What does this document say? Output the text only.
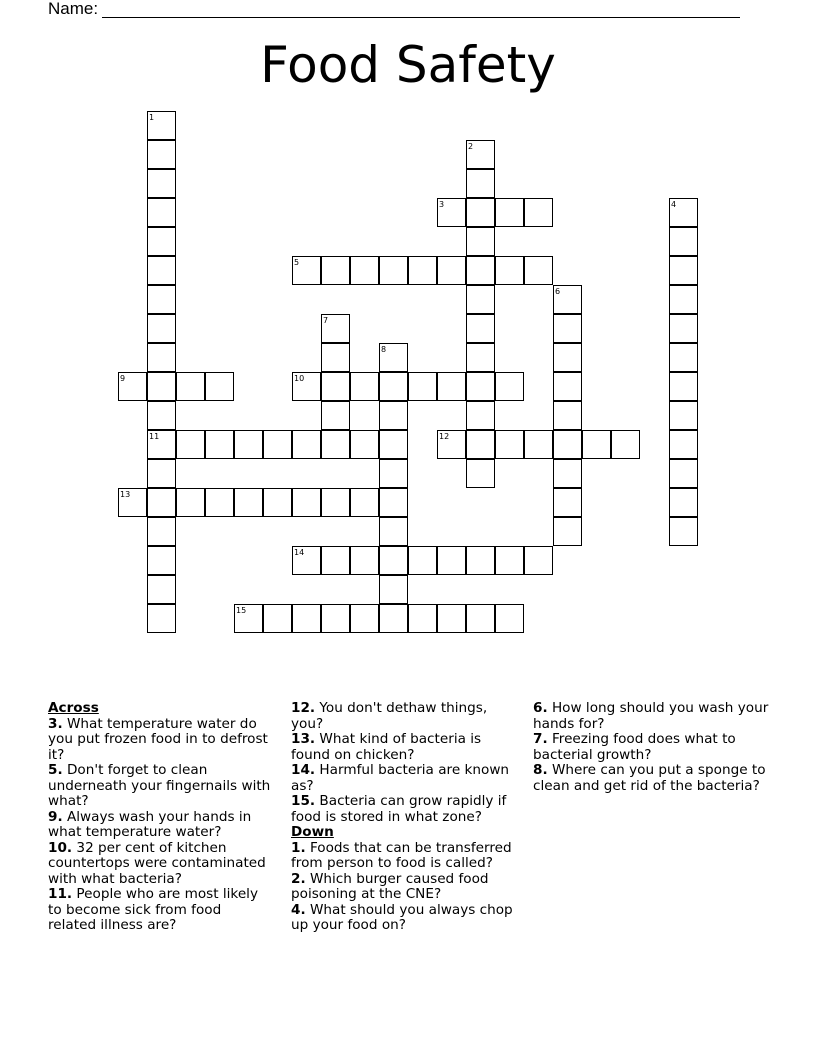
Name:
Food Safety
1
11
2
3	4
5
6
7
8
9	10
12
13
14
15
Across
3. What temperature water do you put frozen food in to defrost it?
5. Don't forget to clean underneath your fingernails with what?
9. Always wash your hands in what temperature water?
10. 32 per cent of kitchen countertops were contaminated with what bacteria?
11. People who are most likely to become sick from food related illness are?
12. You don't dethaw things, you?
13. What kind of bacteria is found on chicken?
14. Harmful bacteria are known as?
15. Bacteria can grow rapidly if food is stored in what zone?
Down
1. Foods that can be transferred from person to food is called?
2. Which burger caused food poisoning at the CNE?
4. What should you always chop up your food on?
6. How long should you wash your hands for?
7. Freezing food does what to bacterial growth?
8. Where can you put a sponge to clean and get rid of the bacteria?
